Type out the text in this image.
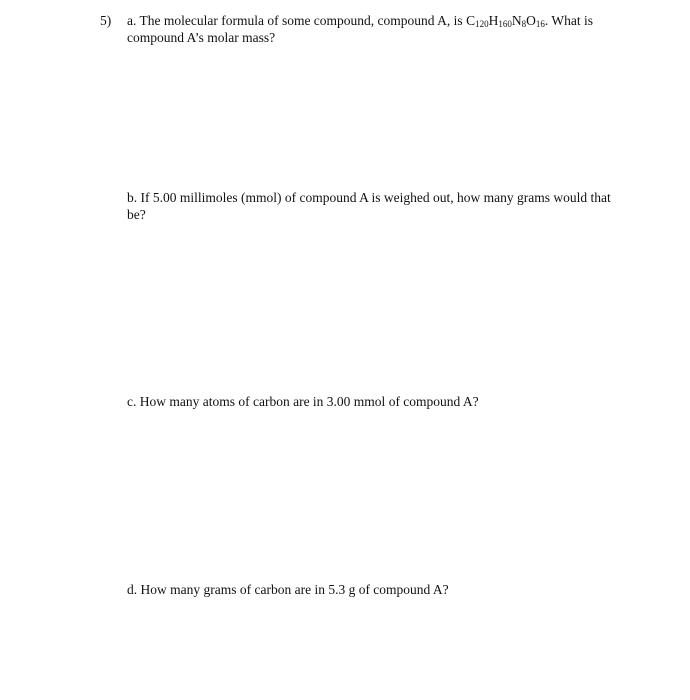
5) a. The molecular formula of some compound, compound A, is $C_{120}H_{160}N_8O_{16}$. What is compound A’s molar mass?
b. If 5.00 millimoles (mmol) of compound A is weighed out, how many grams would that be?
c. How many atoms of carbon are in 3.00 mmol of compound A?
d. How many grams of carbon are in 5.3 g of compound A?
